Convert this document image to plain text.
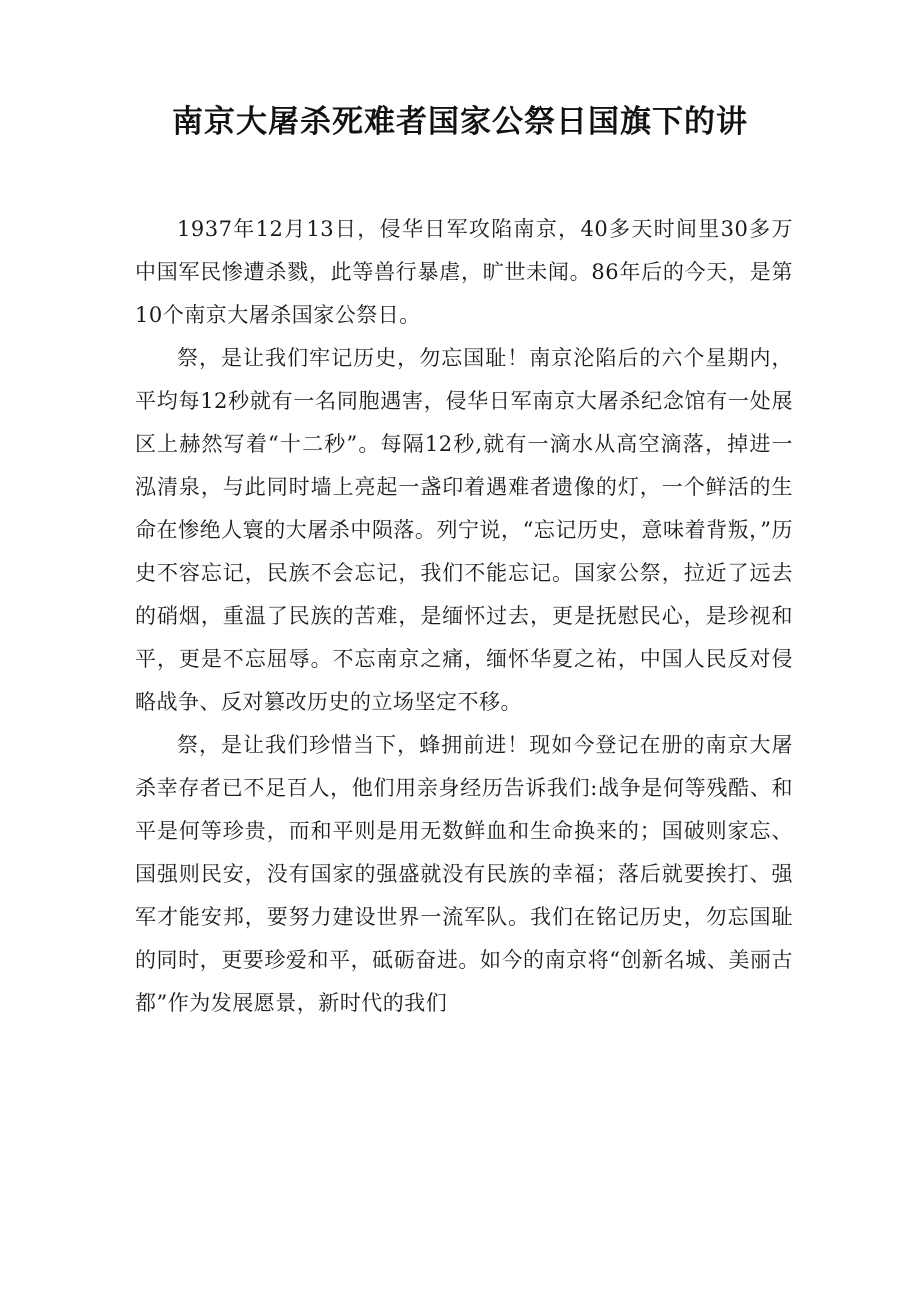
南京大屠杀死难者国家公祭日国旗下的讲

1937年12月13日，侵华日军攻陷南京，40多天时间里30多万中国军民惨遭杀戮，此等兽行暴虐，旷世未闻。86年后的今天，是第10个南京大屠杀国家公祭日。

祭，是让我们牢记历史，勿忘国耻！南京沦陷后的六个星期内，平均每12秒就有一名同胞遇害，侵华日军南京大屠杀纪念馆有一处展区上赫然写着“十二秒”。每隔12秒,就有一滴水从高空滴落，掉进一泓清泉，与此同时墙上亮起一盏印着遇难者遗像的灯，一个鲜活的生命在惨绝人寰的大屠杀中陨落。列宁说，“忘记历史，意味着背叛，”历史不容忘记，民族不会忘记，我们不能忘记。国家公祭，拉近了远去的硝烟，重温了民族的苦难，是缅怀过去，更是抚慰民心，是珍视和平，更是不忘屈辱。不忘南京之痛，缅怀华夏之祐，中国人民反对侵略战争、反对篡改历史的立场坚定不移。

祭，是让我们珍惜当下，蜂拥前进！现如今登记在册的南京大屠杀幸存者已不足百人，他们用亲身经历告诉我们:战争是何等残酷、和平是何等珍贵，而和平则是用无数鲜血和生命换来的；国破则家忘、国强则民安，没有国家的强盛就没有民族的幸福；落后就要挨打、强军才能安邦，要努力建设世界一流军队。我们在铭记历史，勿忘国耻的同时，更要珍爱和平，砥砺奋进。如今的南京将“创新名城、美丽古都”作为发展愿景，新时代的我们
